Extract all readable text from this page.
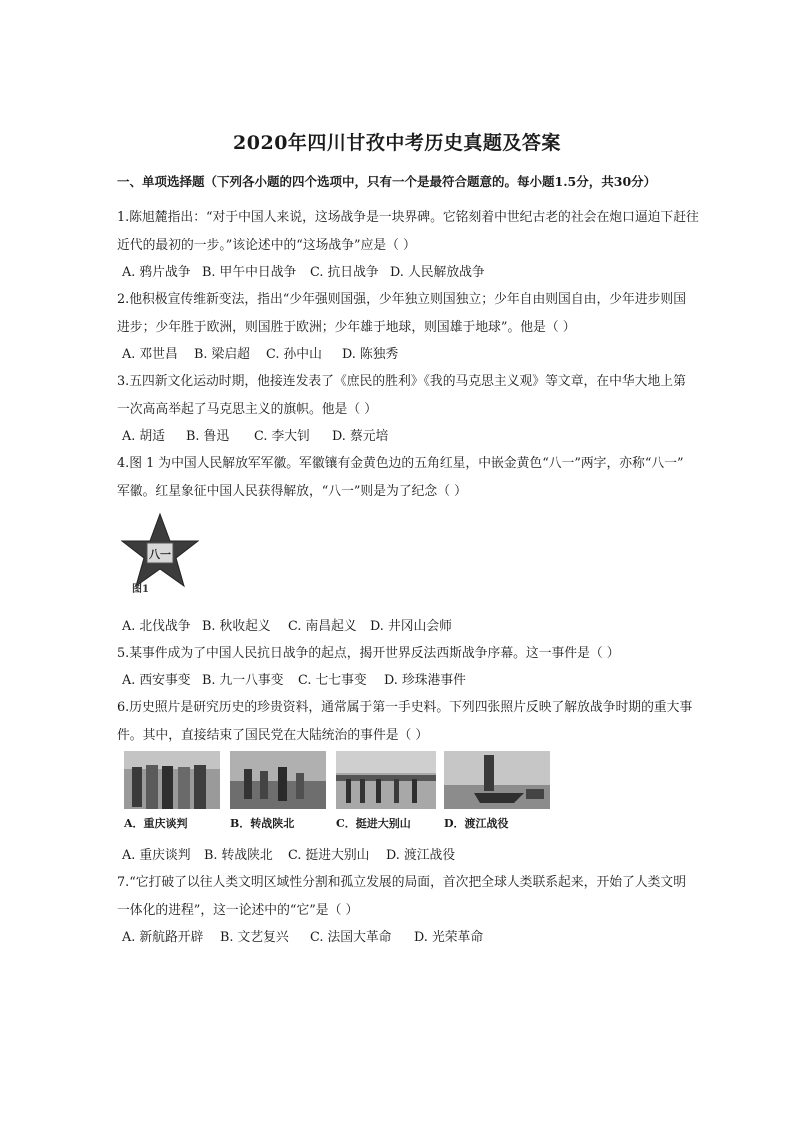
2020年四川甘孜中考历史真题及答案
一、单项选择题（下列各小题的四个选项中，只有一个是最符合题意的。每小题1.5分，共30分）
1.陈旭麓指出：“对于中国人来说，这场战争是一块界碑。它铭刻着中世纪古老的社会在炮口逼迫下赶往
近代的最初的一步。”该论述中的“这场战争”应是（ ）
A. 鸦片战争 B. 甲午中日战争 C. 抗日战争 D. 人民解放战争
2.他积极宣传维新变法，指出“少年强则国强，少年独立则国独立；少年自由则国自由，少年进步则国
进步；少年胜于欧洲，则国胜于欧洲；少年雄于地球，则国雄于地球”。他是（ ）
A. 邓世昌 B. 梁启超 C. 孙中山 D. 陈独秀
3.五四新文化运动时期，他接连发表了《庶民的胜利》《我的马克思主义观》等文章，在中华大地上第
一次高高举起了马克思主义的旗帜。他是（ ）
A. 胡适 B. 鲁迅 C. 李大钊 D. 蔡元培
4.图 1 为中国人民解放军军徽。军徽镶有金黄色边的五角红星，中嵌金黄色“八一”两字，亦称“八一”
军徽。红星象征中国人民获得解放，“八一”则是为了纪念（ ）
八一
图1
A. 北伐战争 B. 秋收起义 C. 南昌起义 D. 井冈山会师
5.某事件成为了中国人民抗日战争的起点，揭开世界反法西斯战争序幕。这一事件是（ ）
A. 西安事变 B. 九一八事变 C. 七七事变 D. 珍珠港事件
6.历史照片是研究历史的珍贵资料，通常属于第一手史料。下列四张照片反映了解放战争时期的重大事
件。其中，直接结束了国民党在大陆统治的事件是（ ）
A．重庆谈判	B．转战陕北	C．挺进大别山	D．渡江战役
A. 重庆谈判 B. 转战陕北 C. 挺进大别山 D. 渡江战役
7.“它打破了以往人类文明区域性分割和孤立发展的局面，首次把全球人类联系起来，开始了人类文明
一体化的进程”，这一论述中的“它”是（ ）
A. 新航路开辟 B. 文艺复兴 C. 法国大革命 D. 光荣革命
